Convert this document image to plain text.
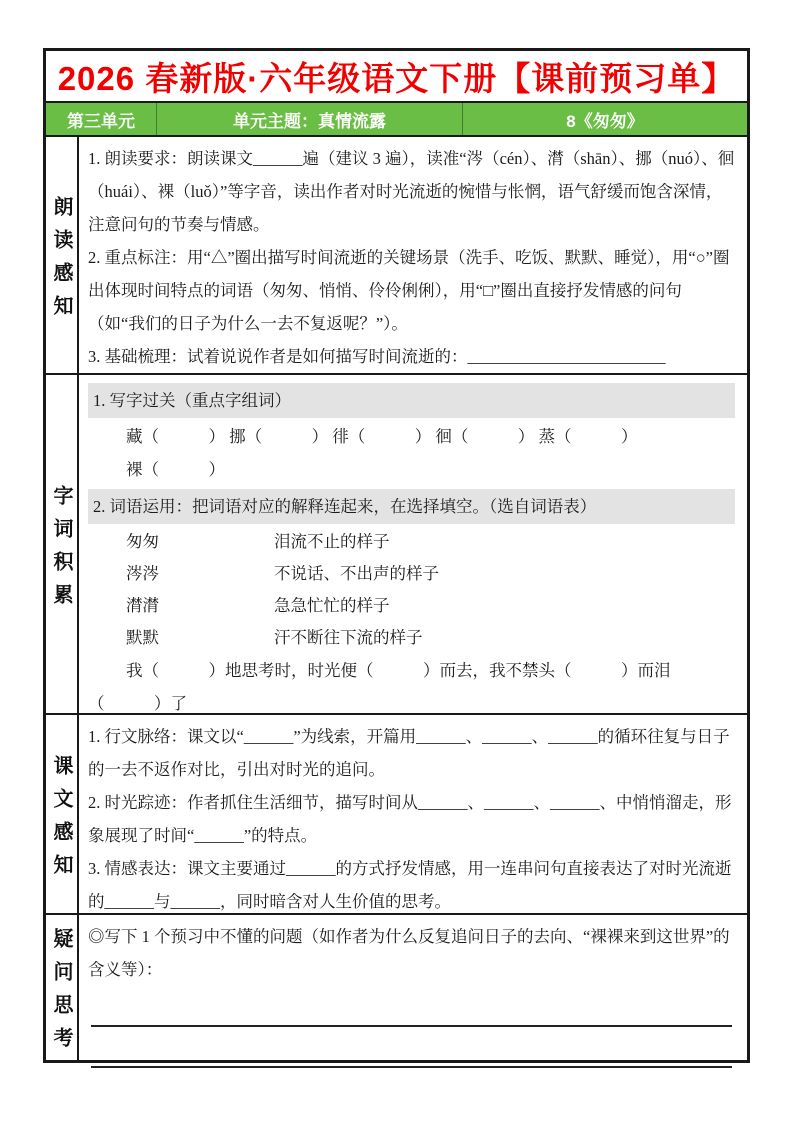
2026 春新版·六年级语文下册【课前预习单】
第三单元	单元主题：真情流露	8《匆匆》
朗读感知

1. 朗读要求：朗读课文______遍（建议 3 遍），读准“涔（cén）、潸（shān）、挪（nuó）、徊（huái）、裸（luǒ）”等字音，读出作者对时光流逝的惋惜与怅惘，语气舒缓而饱含深情，注意问句的节奏与情感。

2. 重点标注：用“△”圈出描写时间流逝的关键场景（洗手、吃饭、默默、睡觉），用“○”圈出体现时间特点的词语（匆匆、悄悄、伶伶俐俐），用“□”圈出直接抒发情感的问句（如“我们的日子为什么一去不复返呢？”）。

3. 基础梳理：试着说说作者是如何描写时间流逝的：________________________

字词积累

1. 写字过关（重点字组词）

藏（　　　） 挪（　　　） 徘（　　　） 徊（　　　） 蒸（　　　）

裸（　　　）

2. 词语运用：把词语对应的解释连起来，在选择填空。（选自词语表）

匆匆	泪流不止的样子
涔涔	不说话、不出声的样子
潸潸	急急忙忙的样子
默默	汗不断往下流的样子

我（　　　）地思考时，时光便（　　　）而去，我不禁头（　　　）而泪（　　　）了

课文感知

1. 行文脉络：课文以“______”为线索，开篇用______、______、______的循环往复与日子的一去不返作对比，引出对时光的追问。

2. 时光踪迹：作者抓住生活细节，描写时间从______、______、______、中悄悄溜走，形象展现了时间“______”的特点。

3. 情感表达：课文主要通过______的方式抒发情感，用一连串问句直接表达了对时光流逝的______与______，同时暗含对人生价值的思考。

疑问思考 ◎写下 1 个预习中不懂的问题（如作者为什么反复追问日子的去向、“裸裸来到这世界”的含义等）：
